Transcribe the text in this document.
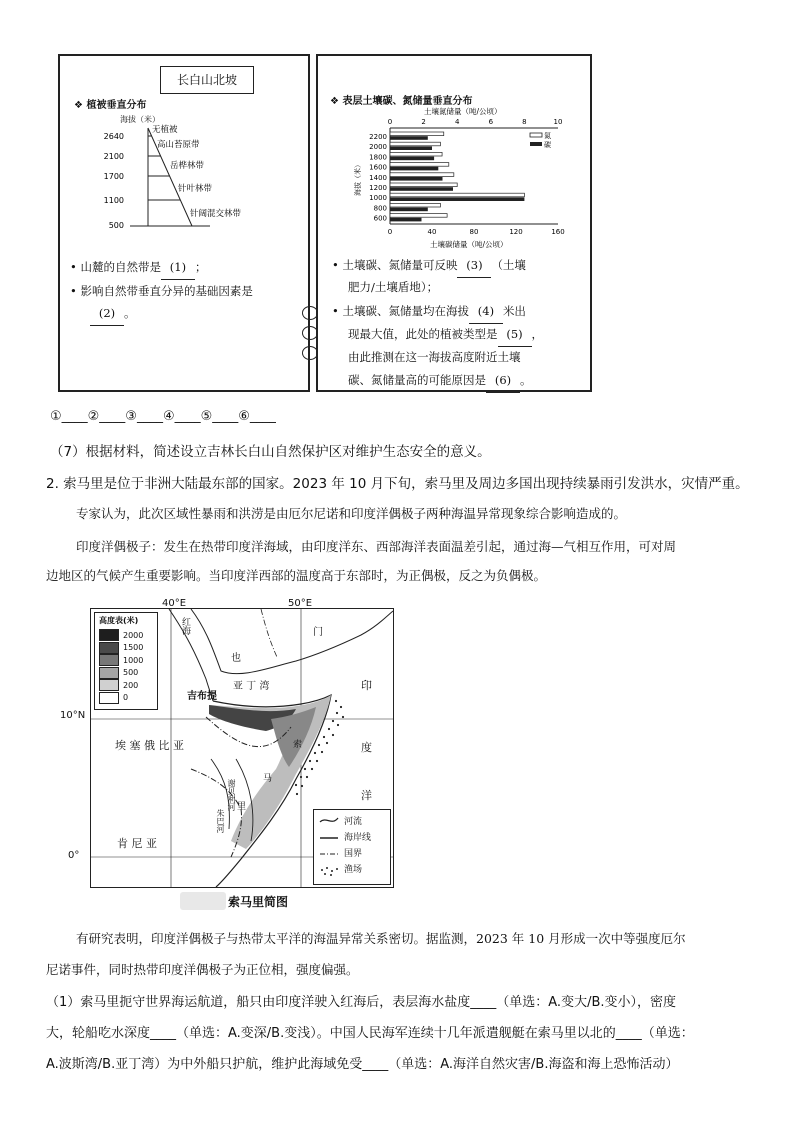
长白山北坡
❖ 植被垂直分布
海拔（米）
2640
2100
1700
1100
500
无植被
高山苔原带
岳桦林带
针叶林带
针阔混交林带
• 山麓的自然带是 (1) ；
• 影响自然带垂直分异的基础因素是
(2) 。
❖ 表层土壤碳、氮储量垂直分布
土壤氮储量（吨/公顷）
0	2	4	6	8	10
2200
2000
1800
1600
1400
1200
1000
800
600
0	40	80	120	160
土壤碳储量（吨/公顷）
海拔（米）
氮
碳
• 土壤碳、氮储量可反映 (3) （土壤
肥力/土壤盾地）；
• 土壤碳、氮储量均在海拔 (4) 米出
现最大值，此处的植被类型是 (5) ，
由此推测在这一海拔高度附近土壤
碳、氮储量高的可能原因是 (6) 。
①____②____③____④____⑤____⑥____
（7）根据材料，简述设立吉林长白山自然保护区对维护生态安全的意义。
2. 索马里是位于非洲大陆最东部的国家。2023 年 10 月下旬，索马里及周边多国出现持续暴雨引发洪水，灾情严重。
专家认为，此次区域性暴雨和洪涝是由厄尔尼诺和印度洋偶极子两种海温异常现象综合影响造成的。
印度洋偶极子：发生在热带印度洋海域，由印度洋东、西部海洋表面温差引起，通过海—气相互作用，可对周
边地区的气候产生重要影响。当印度洋西部的温度高于东部时，为正偶极，反之为负偶极。
40°E	50°E
10°N
0°
高度表(米)
2000
1500
1000
500
200
0
红海
也
门
吉布提
亚 丁 湾
埃 塞 俄 比 亚
肯 尼 亚
印
度
洋
索
马
里
朱巴河
谢贝利河
河流
海岸线
国界
渔场
索马里简图
有研究表明，印度洋偶极子与热带太平洋的海温异常关系密切。据监测，2023 年 10 月形成一次中等强度厄尔
尼诺事件，同时热带印度洋偶极子为正位相，强度偏强。
（1）索马里扼守世界海运航道，船只由印度洋驶入红海后，表层海水盐度____（单选：A.变大/B.变小），密度
大，轮船吃水深度____（单选：A.变深/B.变浅）。中国人民海军连续十几年派遣舰艇在索马里以北的____（单选：
A.波斯湾/B.亚丁湾）为中外船只护航，维护此海域免受____（单选：A.海洋自然灾害/B.海盗和海上恐怖活动）
